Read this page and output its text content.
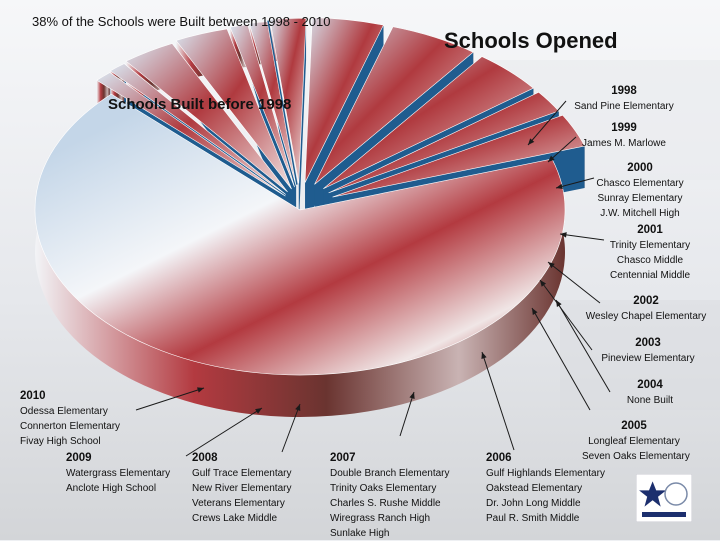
38% of the Schools were Built between 1998 - 2010
Schools Opened
Schools Built before 1998
1998
Sand Pine Elementary
1999
James M. Marlowe
2000
Chasco Elementary
Sunray Elementary
J.W. Mitchell High
2001
Trinity Elementary
Chasco Middle
Centennial Middle
2002
Wesley Chapel Elementary
2003
Pineview Elementary
2004
None Built
2005
Longleaf Elementary
Seven Oaks Elementary
2006
Gulf Highlands Elementary
Oakstead Elementary
Dr. John Long Middle
Paul R. Smith Middle
2007
Double Branch Elementary
Trinity Oaks Elementary
Charles S. Rushe Middle
Wiregrass Ranch High
Sunlake High
2008
Gulf Trace Elementary
New River Elementary
Veterans Elementary
Crews Lake Middle
2009
Watergrass Elementary
Anclote High School
2010
Odessa Elementary
Connerton Elementary
Fivay High School
